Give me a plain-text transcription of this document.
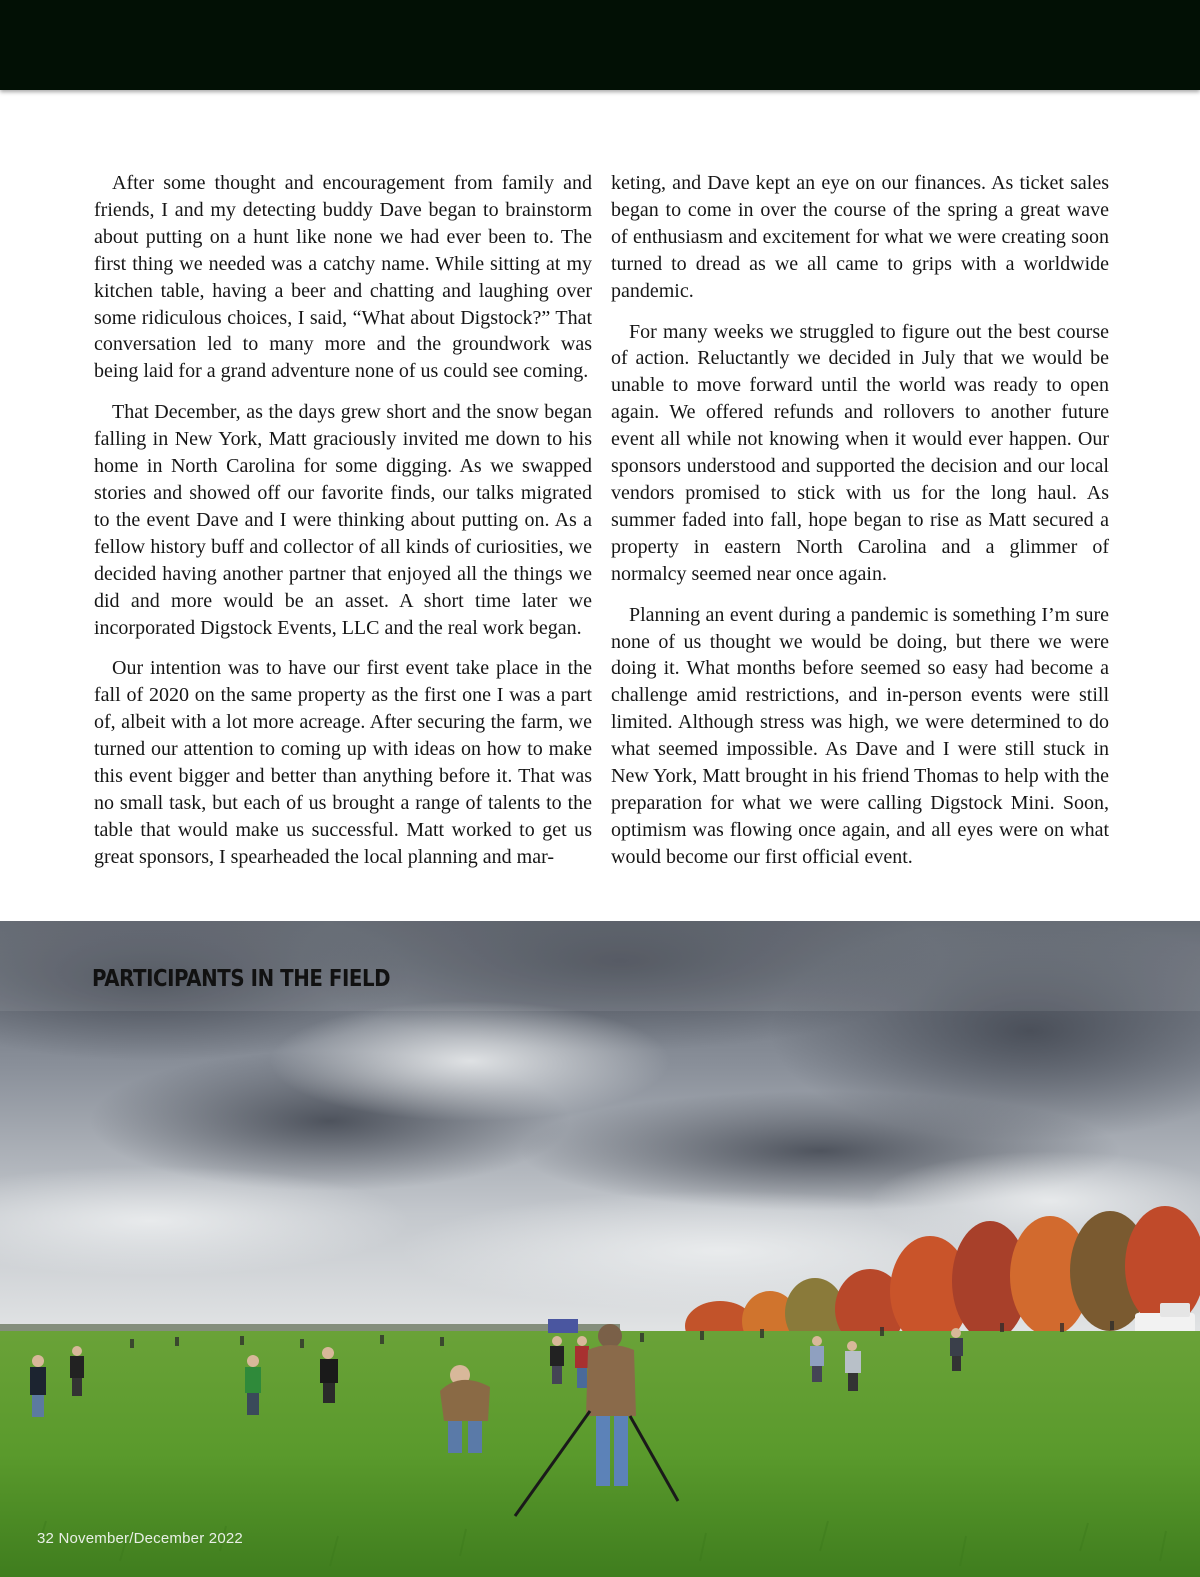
After some thought and encouragement from family and friends, I and my detecting buddy Dave began to brainstorm about putting on a hunt like none we had ever been to. The first thing we needed was a catchy name. While sitting at my kitchen table, having a beer and chatting and laughing over some ridiculous choices, I said, “What about Digstock?” That conversation led to many more and the groundwork was being laid for a grand adventure none of us could see coming.

That December, as the days grew short and the snow began falling in New York, Matt graciously invited me down to his home in North Carolina for some digging. As we swapped stories and showed off our favorite finds, our talks migrated to the event Dave and I were thinking about putting on. As a fellow history buff and collector of all kinds of curiosities, we decided having another partner that enjoyed all the things we did and more would be an asset. A short time later we incorporated Digstock Events, LLC and the real work began.

Our intention was to have our first event take place in the fall of 2020 on the same property as the first one I was a part of, albeit with a lot more acreage. After securing the farm, we turned our attention to coming up with ideas on how to make this event bigger and better than anything before it. That was no small task, but each of us brought a range of talents to the table that would make us successful. Matt worked to get us great sponsors, I spearheaded the local planning and mar-

keting, and Dave kept an eye on our finances. As ticket sales began to come in over the course of the spring a great wave of enthusiasm and excitement for what we were creating soon turned to dread as we all came to grips with a worldwide pandemic.

For many weeks we struggled to figure out the best course of action. Reluctantly we decided in July that we would be unable to move forward until the world was ready to open again. We offered refunds and rollovers to another future event all while not knowing when it would ever happen. Our sponsors understood and supported the decision and our local vendors promised to stick with us for the long haul. As summer faded into fall, hope began to rise as Matt secured a property in eastern North Carolina and a glimmer of normalcy seemed near once again.

Planning an event during a pandemic is something I’m sure none of us thought we would be doing, but there we were doing it. What months before seemed so easy had become a challenge amid restrictions, and in-person events were still limited. Although stress was high, we were determined to do what seemed impossible. As Dave and I were still stuck in New York, Matt brought in his friend Thomas to help with the preparation for what we were calling Digstock Mini. Soon, optimism was flowing once again, and all eyes were on what would become our first official event.

PARTICIPANTS IN THE FIELD
32 November/December 2022
